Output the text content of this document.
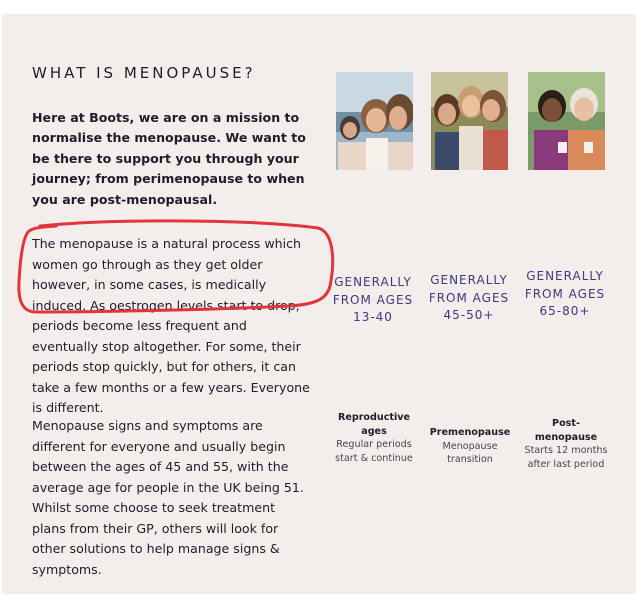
WHAT IS MENOPAUSE?

Here at Boots, we are on a mission to normalise the menopause. We want to be there to support you through your journey; from perimenopause to when you are post-menopausal.

The menopause is a natural process which women go through as they get older however, in some cases, is medically induced. As oestrogen levels start to drop, periods become less frequent and eventually stop altogether. For some, their periods stop quickly, but for others, it can take a few months or a few years. Everyone is different.

Menopause signs and symptoms are different for everyone and usually begin between the ages of 45 and 55, with the average age for people in the UK being 51. Whilst some choose to seek treatment plans from their GP, others will look for other solutions to help manage signs & symptoms.

GENERALLY FROM AGES 13-40

GENERALLY FROM AGES 45-50+

GENERALLY FROM AGES 65-80+

Reproductive ages

Regular periods start & continue

Premenopause

Menopause transition

Post-menopause

Starts 12 months after last period
